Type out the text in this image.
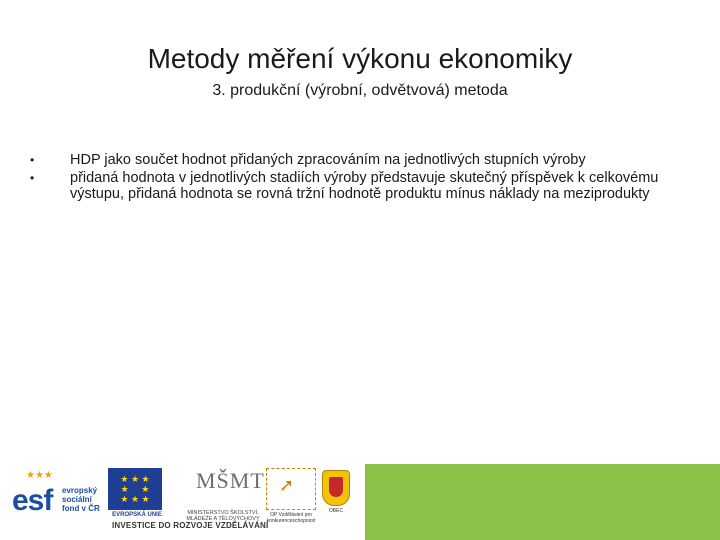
Metody měření výkonu ekonomiky
3. produkční (výrobní, odvětvová) metoda
• HDP jako součet hodnot přidaných zpracováním na jednotlivých stupních výroby
• přidaná hodnota v jednotlivých stadiích výroby představuje skutečný příspěvek k celkovému výstupu, přidaná hodnota se rovná tržní hodnotě produktu mínus náklady na meziprodukty
★★★
esf evropský
sociální
fond v ČR
★ ★ ★
★     ★
★ ★ ★
EVROPSKÁ UNIE
MŠMT
MINISTERSTVO ŠKOLSTVÍ, MLÁDEŽE A TĚLOVÝCHOVY
➚
OP Vzdělávání pro konkurenceschopnost
OBEC
INVESTICE DO ROZVOJE VZDĚLÁVÁNÍ
